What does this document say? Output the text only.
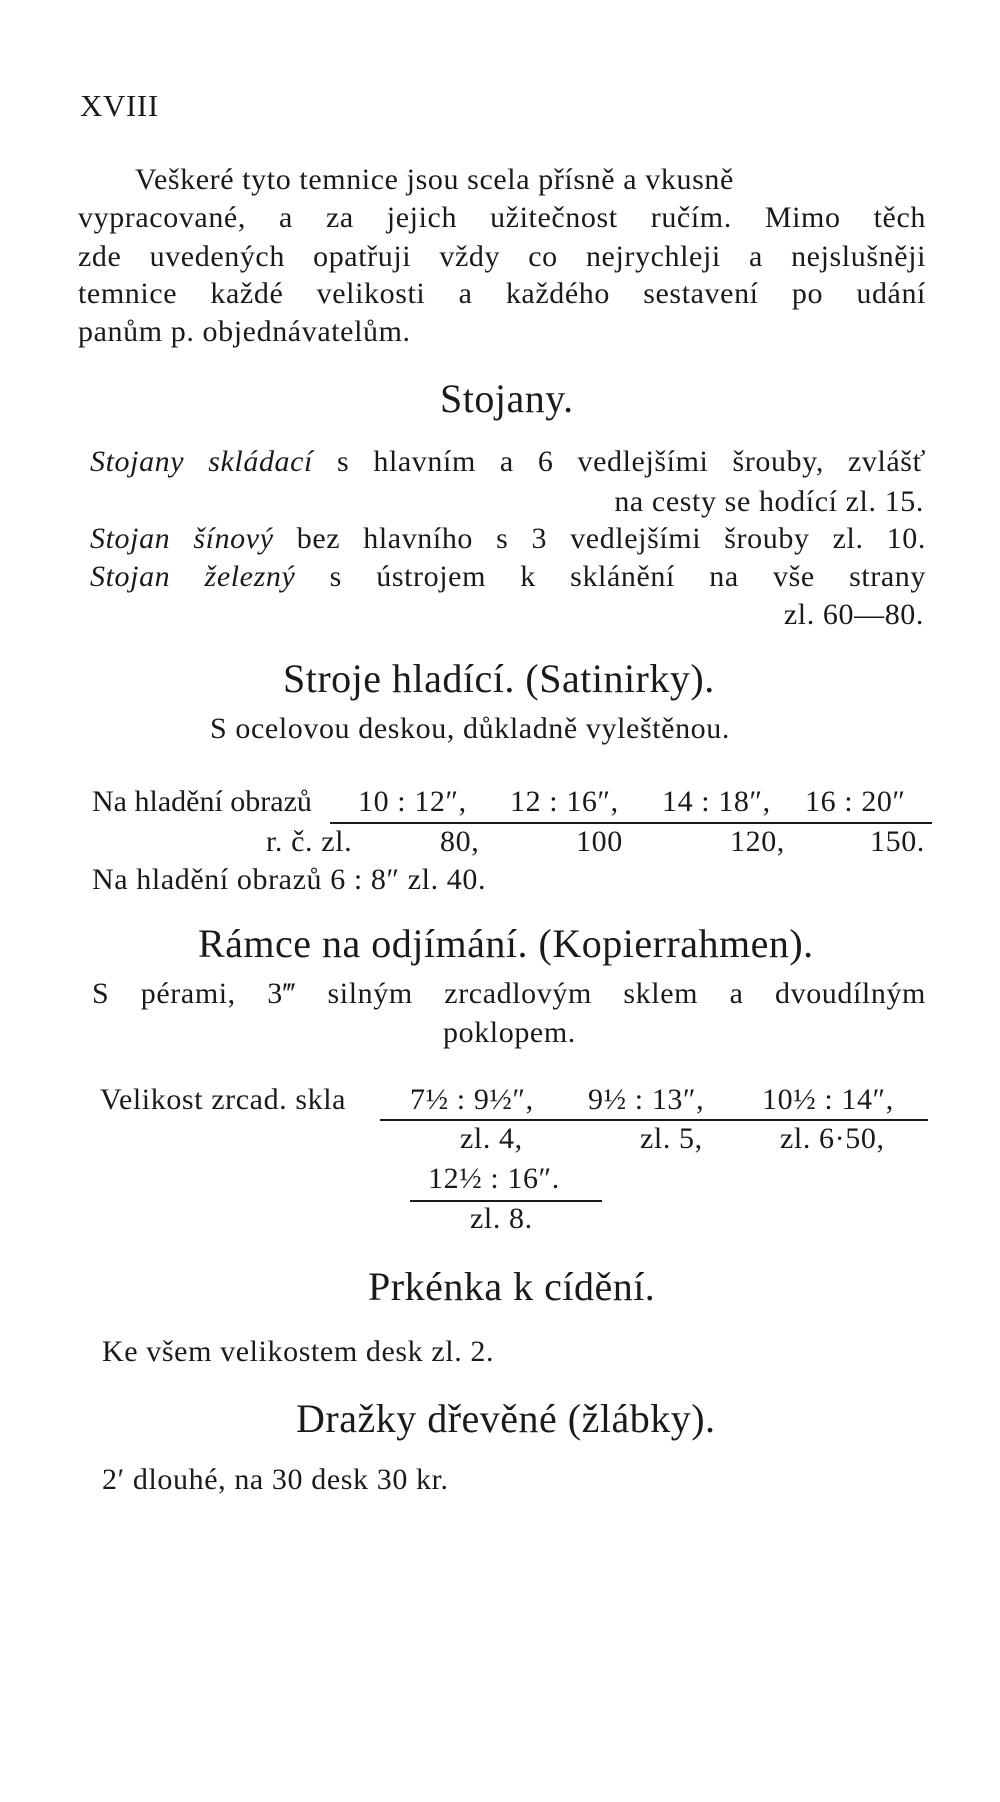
XVIII
Veškeré tyto temnice jsou scela přísně a vkusně
vypracované, a za jejich užitečnost ručím. Mimo těch
zde uvedených opatřuji vždy co nejrychleji a nejslušněji
temnice každé velikosti a každého sestavení po udání
panům p. objednávatelům.
Stojany.
Stojany skládací s hlavním a 6 vedlejšími šrouby, zvlášť
na cesty se hodící zl. 15.
Stojan šínový bez hlavního s 3 vedlejšími šrouby zl. 10.
Stojan železný s ústrojem k sklánění na vše strany
zl. 60—80.
Stroje hladící. (Satinirky).
S ocelovou deskou, důkladně vyleštěnou.
Na hladění obrazů 10 : 12″, 12 : 16″, 14 : 18″, 16 : 20″
r. č. zl.	80,	100	120,	150.
Na hladění obrazů 6 : 8″ zl. 40.
Rámce na odjímání. (Kopierrahmen).
S pérami, 3‴ silným zrcadlovým sklem a dvoudílným
poklopem.
Velikost zrcad. skla 7½ : 9½″, 9½ : 13″, 10½ : 14″,
zl. 4,	zl. 5,	zl. 6·50,
12½ : 16″.
zl. 8.
Prkénka k cídění.
Ke všem velikostem desk zl. 2.
Dražky dřevěné (žlábky).
2′ dlouhé, na 30 desk 30 kr.
